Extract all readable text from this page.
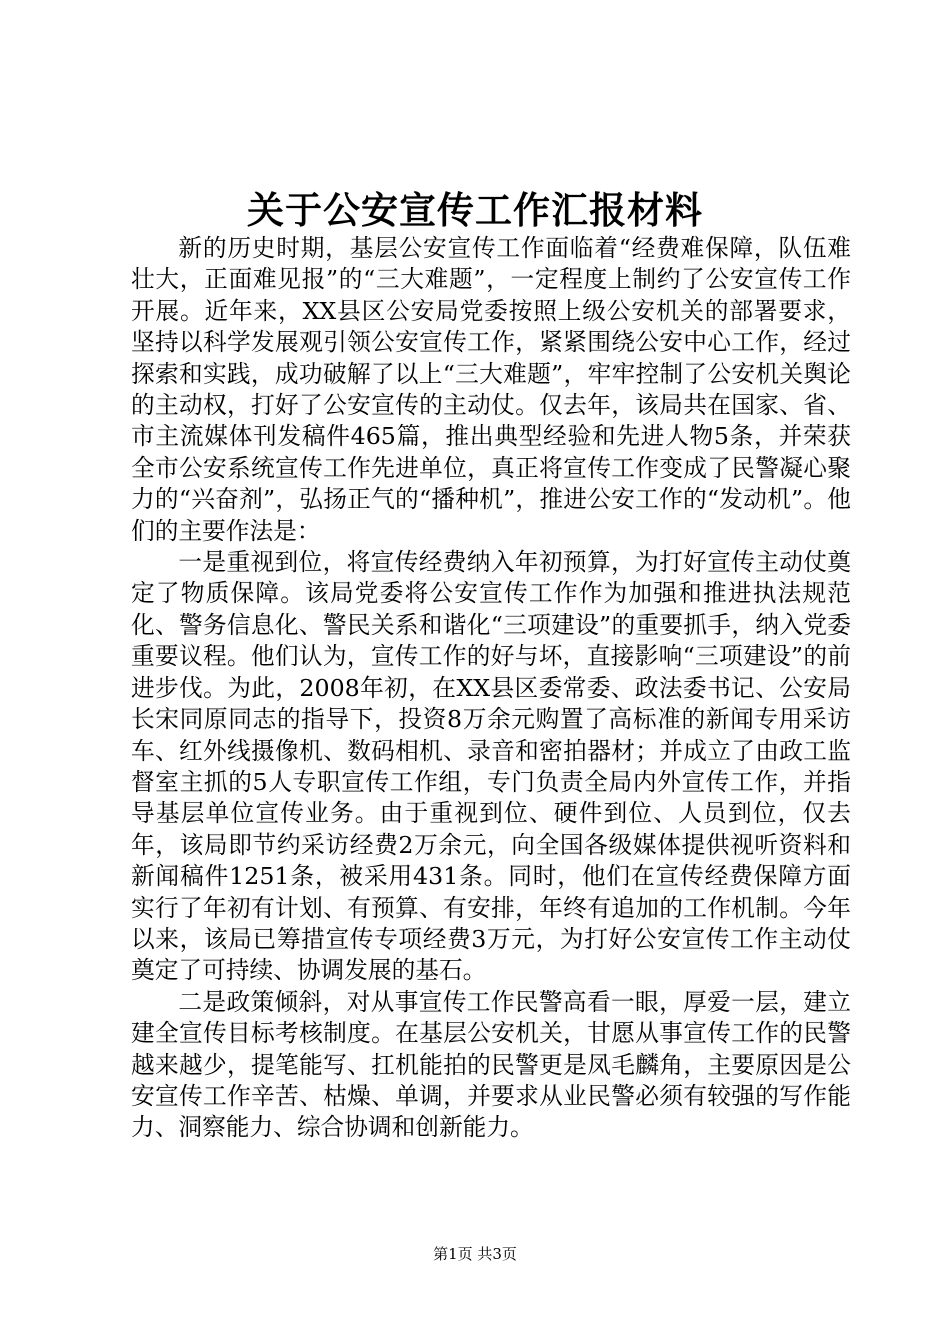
关于公安宣传工作汇报材料

新的历史时期，基层公安宣传工作面临着“经费难保障，队伍难壮大，正面难见报”的“三大难题”，一定程度上制约了公安宣传工作开展。近年来，XX县区公安局党委按照上级公安机关的部署要求，坚持以科学发展观引领公安宣传工作，紧紧围绕公安中心工作，经过探索和实践，成功破解了以上“三大难题”，牢牢控制了公安机关舆论的主动权，打好了公安宣传的主动仗。仅去年，该局共在国家、省、市主流媒体刊发稿件465篇，推出典型经验和先进人物5条，并荣获全市公安系统宣传工作先进单位，真正将宣传工作变成了民警凝心聚力的“兴奋剂”，弘扬正气的“播种机”，推进公安工作的“发动机”。他们的主要作法是：

一是重视到位，将宣传经费纳入年初预算，为打好宣传主动仗奠定了物质保障。该局党委将公安宣传工作作为加强和推进执法规范化、警务信息化、警民关系和谐化“三项建设”的重要抓手，纳入党委重要议程。他们认为，宣传工作的好与坏，直接影响“三项建设”的前进步伐。为此，2008年初，在XX县区委常委、政法委书记、公安局长宋同原同志的指导下，投资8万余元购置了高标准的新闻专用采访车、红外线摄像机、数码相机、录音和密拍器材；并成立了由政工监督室主抓的5人专职宣传工作组，专门负责全局内外宣传工作，并指导基层单位宣传业务。由于重视到位、硬件到位、人员到位，仅去年，该局即节约采访经费2万余元，向全国各级媒体提供视听资料和新闻稿件1251条，被采用431条。同时，他们在宣传经费保障方面实行了年初有计划、有预算、有安排，年终有追加的工作机制。今年以来，该局已筹措宣传专项经费3万元，为打好公安宣传工作主动仗奠定了可持续、协调发展的基石。

二是政策倾斜，对从事宣传工作民警高看一眼，厚爱一层，建立建全宣传目标考核制度。在基层公安机关，甘愿从事宣传工作的民警越来越少，提笔能写、扛机能拍的民警更是凤毛麟角，主要原因是公安宣传工作辛苦、枯燥、单调，并要求从业民警必须有较强的写作能力、洞察能力、综合协调和创新能力。

第1页 共3页
